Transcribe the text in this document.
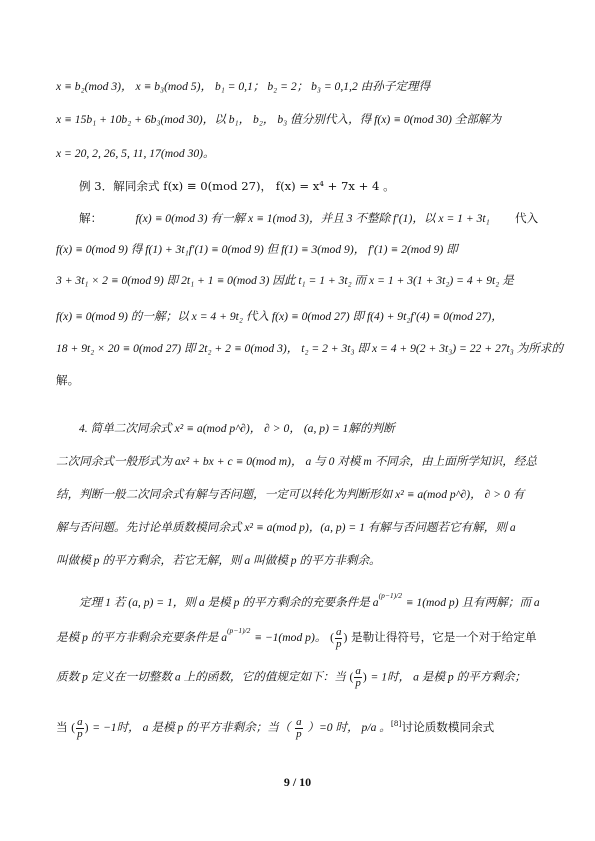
x ≡ b₂(mod 3)， x ≡ b₃(mod 5)， b₁ = 0,1； b₂ = 2； b₃ = 0,1,2 由孙子定理得
x ≡ 15b₁ + 10b₂ + 6b₃(mod 30)，以 b₁， b₂， b₃ 值分别代入，得 f(x) ≡ 0(mod 30) 全部解为
x = 20, 2, 26, 5, 11, 17(mod 30)。
例 3．解同余式 f(x) ≡ 0(mod 27)， f(x) = x⁴ + 7x + 4 。
解：	f(x) ≡ 0(mod 3) 有一解 x ≡ 1(mod 3)，并且 3 不整除 f′(1)，以 x = 1 + 3t₁ 代入
f(x) ≡ 0(mod 9) 得 f(1) + 3t₁f′(1) ≡ 0(mod 9) 但 f(1) ≡ 3(mod 9)， f′(1) ≡ 2(mod 9) 即
3 + 3t₁ × 2 ≡ 0(mod 9) 即 2t₁ + 1 ≡ 0(mod 3) 因此 t₁ = 1 + 3t₂ 而 x = 1 + 3(1 + 3t₂) = 4 + 9t₂ 是
f(x) ≡ 0(mod 9) 的一解；以 x = 4 + 9t₂ 代入 f(x) ≡ 0(mod 27) 即 f(4) + 9t₂f′(4) ≡ 0(mod 27)，
18 + 9t₂ × 20 ≡ 0(mod 27) 即 2t₂ + 2 ≡ 0(mod 3)， t₂ = 2 + 3t₃ 即 x = 4 + 9(2 + 3t₃) = 22 + 27t₃ 为所求的
解。
4. 简单二次同余式 x² ≡ a(mod p^∂)， ∂ > 0， (a, p) = 1解的判断
二次同余式一般形式为 ax² + bx + c ≡ 0(mod m)， a 与 0 对模 m 不同余，由上面所学知识，经总
结，判断一般二次同余式有解与否问题，一定可以转化为判断形如 x² ≡ a(mod p^∂)， ∂ > 0 有
解与否问题。先讨论单质数模同余式 x² ≡ a(mod p)，(a, p) = 1 有解与否问题若它有解，则 a
叫做模 p 的平方剩余，若它无解，则 a 叫做模 p 的平方非剩余。
定理 1 若 (a, p) = 1，则 a 是模 p 的平方剩余的充要条件是 $a^{(p-1)/2} \equiv 1(mod$ p) 且有两解；而 a
是模 p 的平方非剩余充要条件是 $a^{(p-1)/2} \equiv -1(mod$ p)。 ( $\frac{a}{p}$ ) 是勒让得符号，它是一个对于给定单
质数 p 定义在一切整数 a 上的函数，它的值规定如下：当 ( $\frac{a}{p}$ ) = 1时， a 是模 p 的平方剩余；
当 ( $\frac{a}{p}$ ) = −1时， a 是模 p 的平方非剩余；当（ $\frac{a}{p} )=0$ 时， p/a 。[8]讨论质数模同余式
9 / 10
